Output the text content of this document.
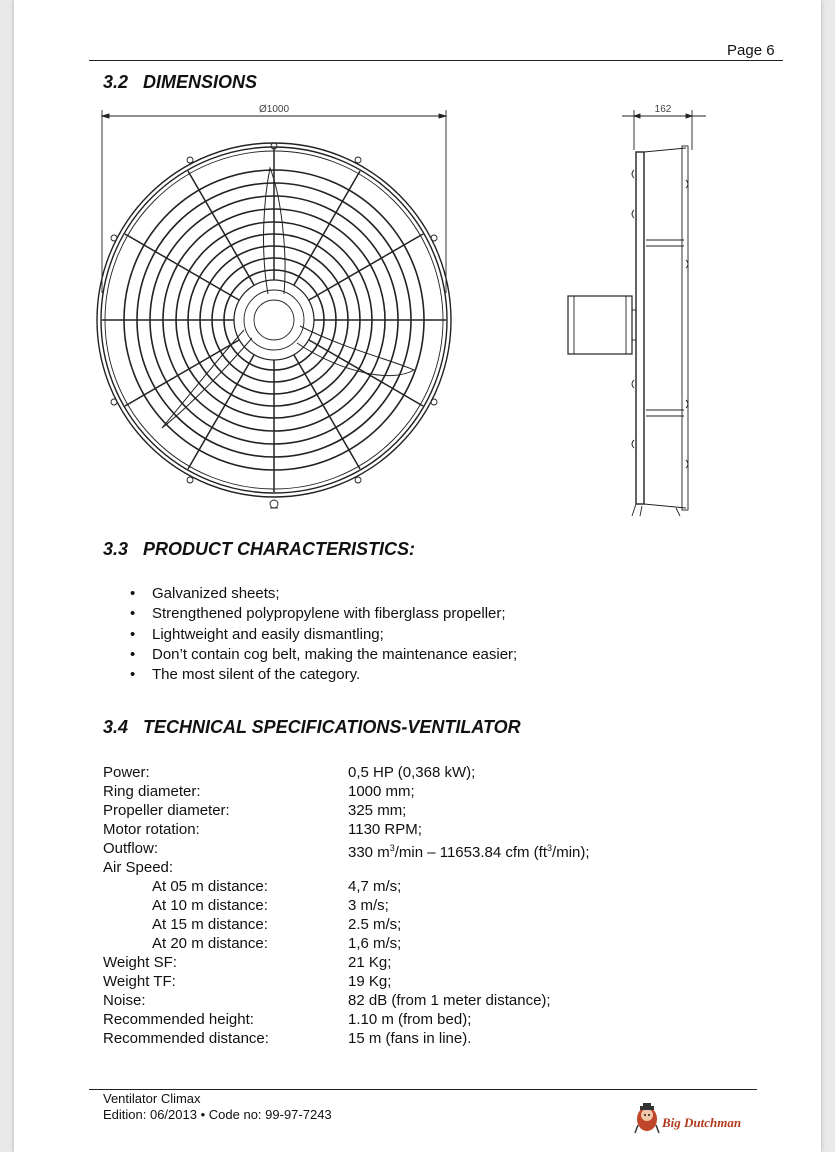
Page 6
3.2 DIMENSIONS
Ø1000	162
3.3 PRODUCT CHARACTERISTICS:
• Galvanized sheets;
• Strengthened polypropylene with fiberglass propeller;
• Lightweight and easily dismantling;
• Don’t contain cog belt, making the maintenance easier;
• The most silent of the category.
3.4 TECHNICAL SPECIFICATIONS-VENTILATOR
Power:	0,5 HP (0,368 kW);
Ring diameter:	1000 mm;
Propeller diameter:	325 mm;
Motor rotation:	1130 RPM;
Outflow:	330 $m^3/\min - 11653.84$ cfm $(ft^3/\min)$;
Air Speed:
At 05 m distance:	4,7 m/s;
At 10 m distance:	3 m/s;
At 15 m distance:	2.5 m/s;
At 20 m distance:	1,6 m/s;
Weight SF:	21 Kg;
Weight TF:	19 Kg;
Noise:	82 dB (from 1 meter distance);
Recommended height:	1.10 m (from bed);
Recommended distance:	15 m (fans in line).
Ventilator Climax
Edition: 06/2013 • Code no: 99-97-7243
Big Dutchman
